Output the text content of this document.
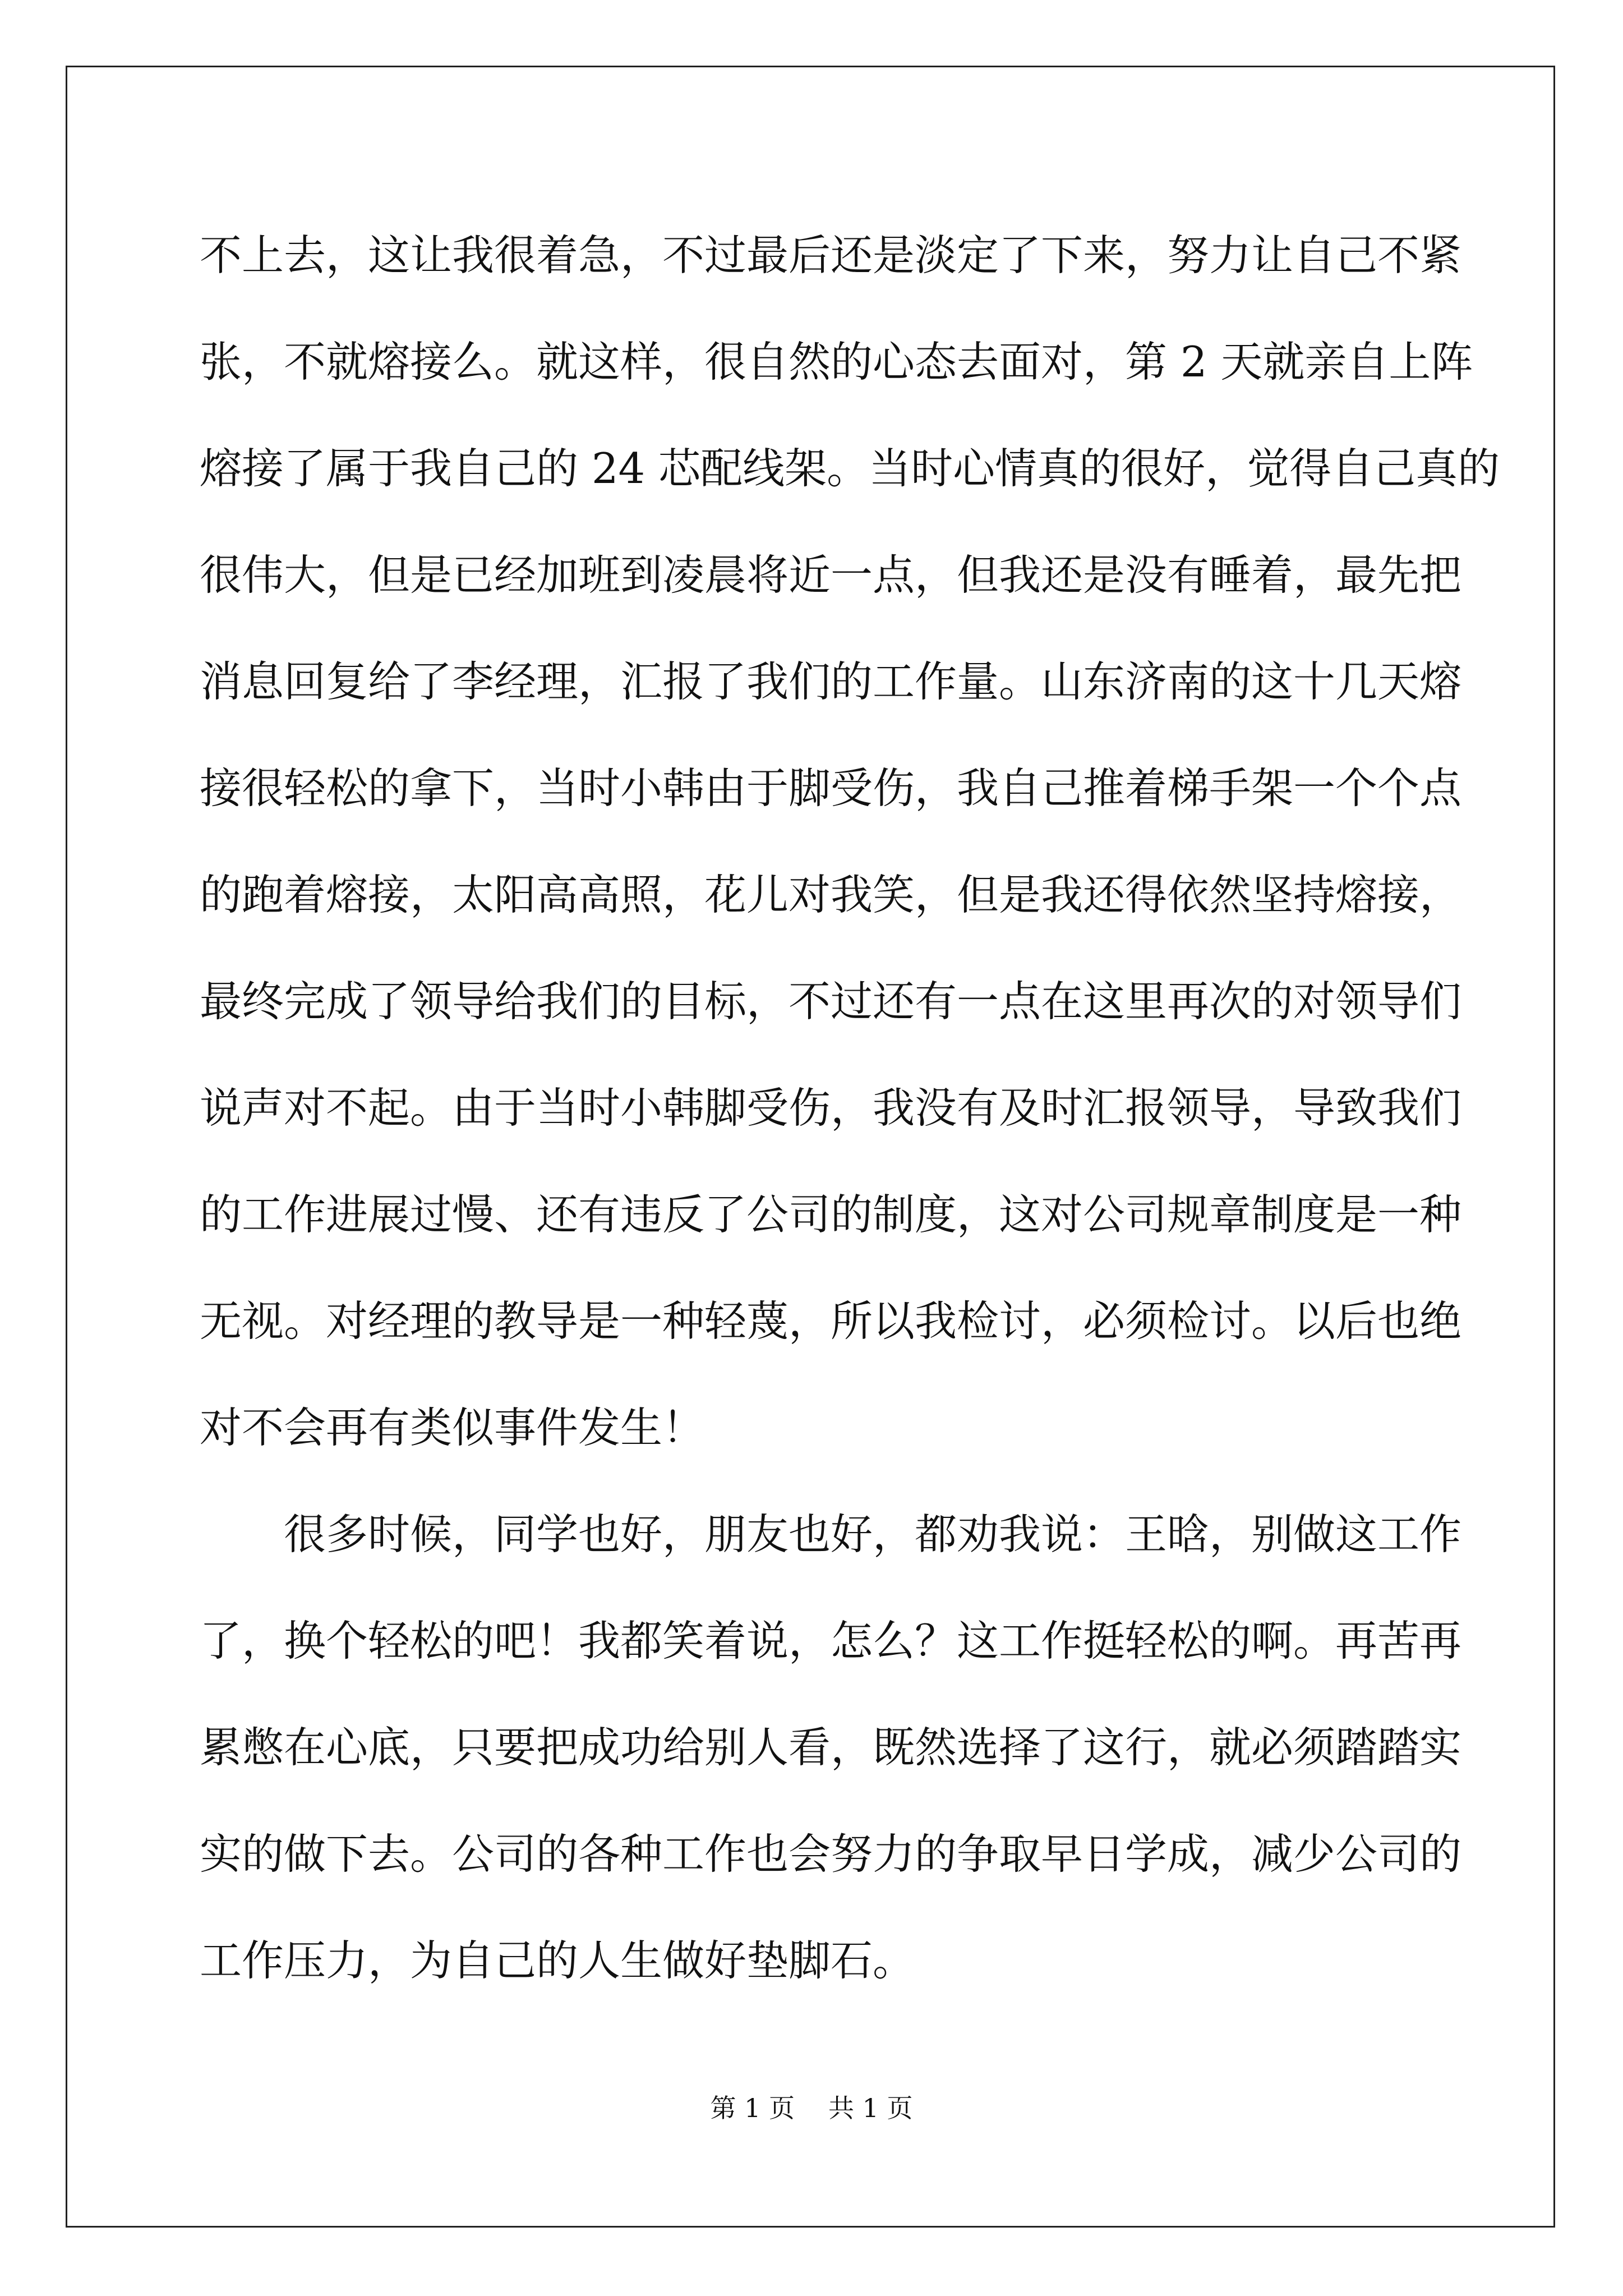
不上去，这让我很着急，不过最后还是淡定了下来，努力让自己不紧

张，不就熔接么。就这样，很自然的心态去面对，第 2 天就亲自上阵

熔接了属于我自己的 24 芯配线架。当时心情真的很好，觉得自己真的

很伟大，但是已经加班到凌晨将近一点，但我还是没有睡着，最先把

消息回复给了李经理，汇报了我们的工作量。山东济南的这十几天熔

接很轻松的拿下，当时小韩由于脚受伤，我自己推着梯手架一个个点

的跑着熔接，太阳高高照，花儿对我笑，但是我还得依然坚持熔接，

最终完成了领导给我们的目标，不过还有一点在这里再次的对领导们

说声对不起。由于当时小韩脚受伤，我没有及时汇报领导，导致我们

的工作进展过慢、还有违反了公司的制度，这对公司规章制度是一种

无视。对经理的教导是一种轻蔑，所以我检讨，必须检讨。以后也绝

对不会再有类似事件发生！

很多时候，同学也好，朋友也好，都劝我说：王晗，别做这工作

了，换个轻松的吧！我都笑着说，怎么？这工作挺轻松的啊。再苦再

累憋在心底，只要把成功给别人看，既然选择了这行，就必须踏踏实

实的做下去。公司的各种工作也会努力的争取早日学成，减少公司的

工作压力，为自己的人生做好垫脚石。

第 1 页 共 1 页
